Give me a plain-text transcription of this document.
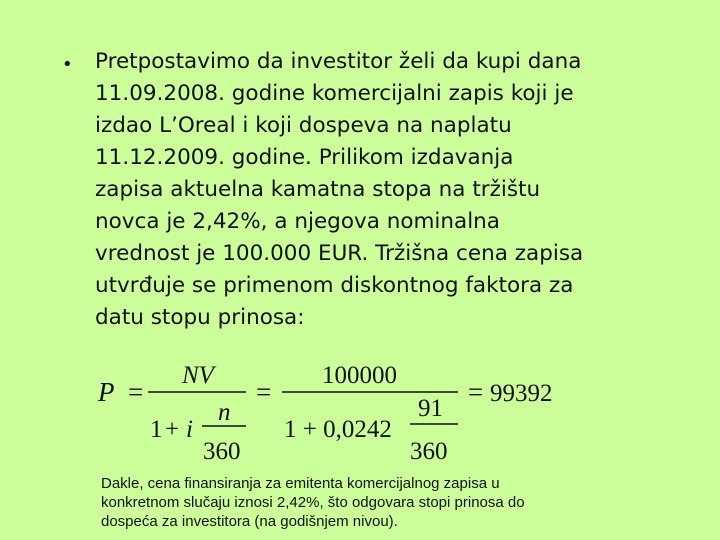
• Pretpostavimo da investitor želi da kupi dana
11.09.2008. godine komercijalni zapis koji je
izdao L’Oreal i koji dospeva na naplatu
11.12.2009. godine. Prilikom izdavanja
zapisa aktuelna kamatna stopa na tržištu
novca je 2,42%, a njegova nominalna
vrednost je 100.000 EUR. Tržišna cena zapisa
utvrđuje se primenom diskontnog faktora za
datu stopu prinosa:
P =
NV
1 + i
n
360
=
100000
1 + 0,0242
91
360
= 99392
Dakle, cena finansiranja za emitenta komercijalnog zapisa u
konkretnom slučaju iznosi 2,42%, što odgovara stopi prinosa do
dospeća za investitora (na godišnjem nivou).
